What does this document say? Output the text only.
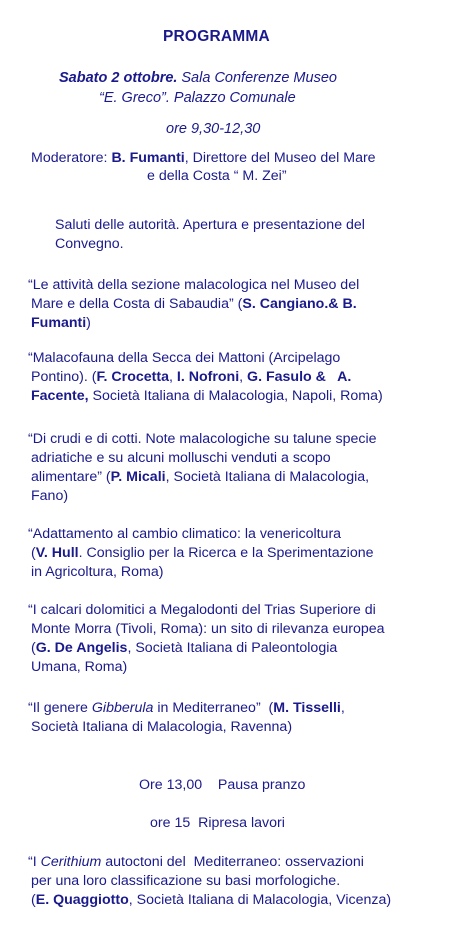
PROGRAMMA
Sabato 2 ottobre. Sala Conferenze Museo
“E. Greco”. Palazzo Comunale
ore 9,30-12,30
Moderatore: B. Fumanti, Direttore del Museo del Mare
e della Costa “ M. Zei”
Saluti delle autorità. Apertura e presentazione del
Convegno.
“Le attività della sezione malacologica nel Museo del
Mare e della Costa di Sabaudia” (S. Cangiano.& B.
Fumanti)
“Malacofauna della Secca dei Mattoni (Arcipelago
Pontino). (F. Crocetta, I. Nofroni, G. Fasulo &   A.
Facente, Società Italiana di Malacologia, Napoli, Roma)
“Di crudi e di cotti. Note malacologiche su talune specie
adriatiche e su alcuni molluschi venduti a scopo
alimentare” (P. Micali, Società Italiana di Malacologia,
Fano)
“Adattamento al cambio climatico: la venericoltura
(V. Hull. Consiglio per la Ricerca e la Sperimentazione
in Agricoltura, Roma)
“I calcari dolomitici a Megalodonti del Trias Superiore di
Monte Morra (Tivoli, Roma): un sito di rilevanza europea
(G. De Angelis, Società Italiana di Paleontologia
Umana, Roma)
“Il genere Gibberula in Mediterraneo”  (M. Tisselli,
Società Italiana di Malacologia, Ravenna)
Ore 13,00    Pausa pranzo
ore 15  Ripresa lavori
“I Cerithium autoctoni del  Mediterraneo: osservazioni
per una loro classificazione su basi morfologiche.
(E. Quaggiotto, Società Italiana di Malacologia, Vicenza)
